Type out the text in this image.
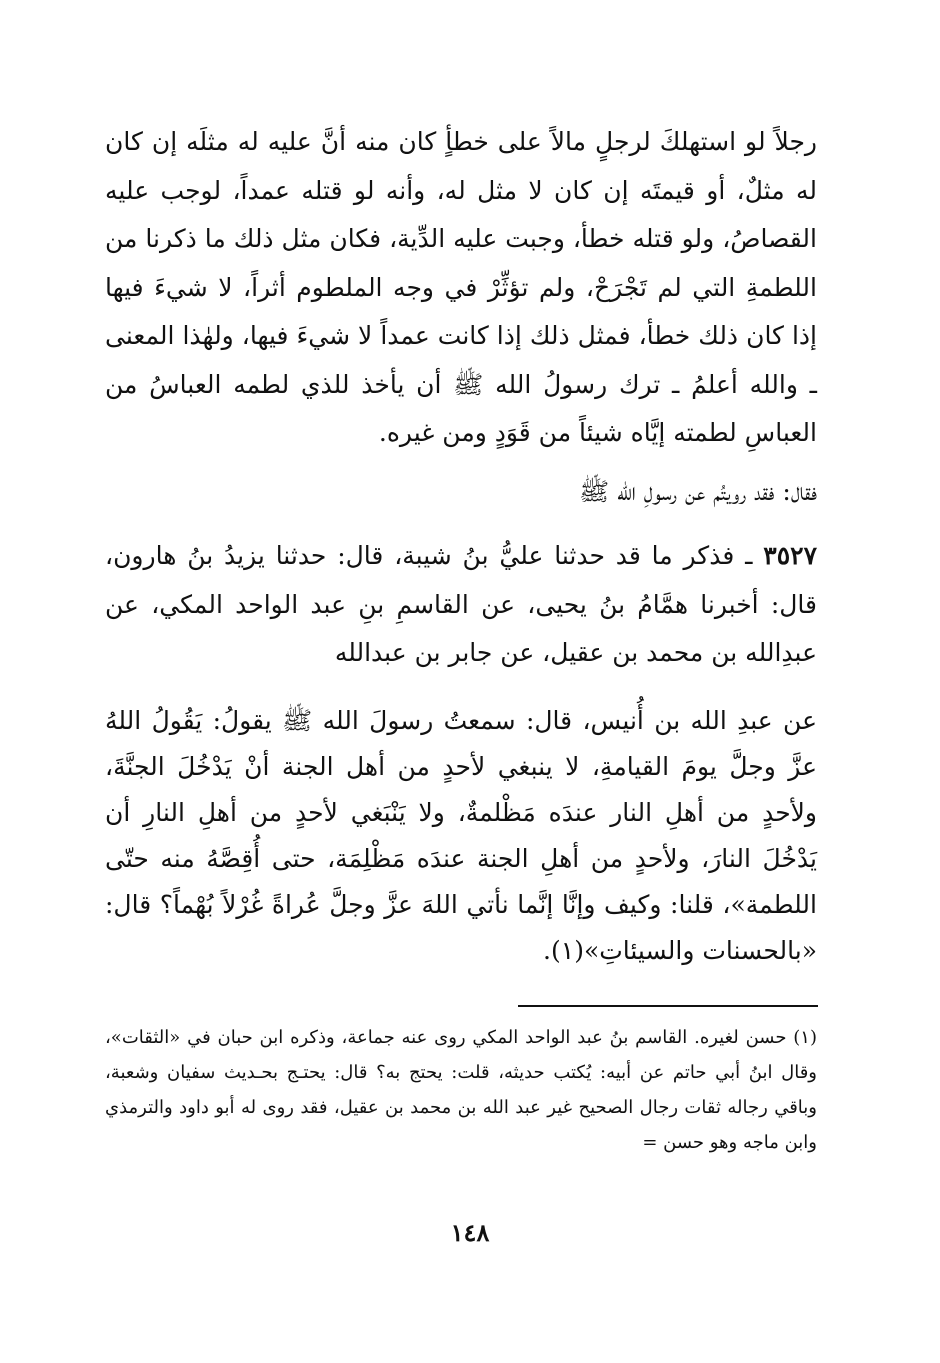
رجلاً لو استهلكَ لرجلٍ مالاً على خطأٍ كان منه أنَّ عليه له مثلَه إن كان له مثلٌ، أو قيمتَه إن كان لا مثل له، وأنه لو قتله عمداً، لوجب عليه القصاصُ، ولو قتله خطأ، وجبت عليه الدِّية، فكان مثل ذلك ما ذكرنا من اللطمةِ التي لم تَجْرَحْ، ولم تؤثِّرْ في وجه الملطوم أثراً، لا شيءَ فيها إذا كان ذلك خطأ، فمثل ذلك إذا كانت عمداً لا شيءَ فيها، ولهٰذا المعنى ـ والله أعلمُ ـ ترك رسولُ الله ﷺ أن يأخذ للذي لطمه العباسُ من العباسِ لطمته إيَّاه شيئاً من قَوَدٍ ومن غيره.

فقال: فقد رويتُم عن رسولِ الله ﷺ

٣٥٢٧ ـ فذكر ما قد حدثنا عليُّ بنُ شيبة، قال: حدثنا يزيدُ بنُ هارون، قال: أخبرنا همَّامُ بنُ يحيى، عن القاسمِ بنِ عبد الواحد المكي، عن عبدِالله بن محمد بن عقيل، عن جابر بن عبدالله

عن عبدِ الله بن أُنيس، قال: سمعتُ رسولَ الله ﷺ يقولُ: يَقُولُ اللهُ عزَّ وجلَّ يومَ القيامةِ، لا ينبغي لأحدٍ من أهل الجنة أنْ يَدْخُلَ الجنَّةَ، ولأحدٍ من أهلِ النار عندَه مَظْلمةٌ، ولا يَنْبَغي لأحدٍ من أهلِ النارِ أن يَدْخُلَ النارَ، ولأحدٍ من أهلِ الجنة عندَه مَظْلِمَة، حتى أُقِصَّهُ منه حتّى اللطمة»، قلنا: وكيف وإنَّا إنَّما نأتي اللهَ عزَّ وجلَّ عُراةً غُرْلاً بُهْماً؟ قال: «بالحسنات والسيئاتِ»(١).

(١) حسن لغيره. القاسم بنُ عبد الواحد المكي روى عنه جماعة، وذكره ابن حبان في «الثقات»، وقال ابنُ أبي حاتم عن أبيه: يُكتب حديثه، قلت: يحتج به؟ قال: يحتـج بحـديث سفيان وشعبة، وباقي رجاله ثقات رجال الصحيح غير عبد الله بن محمد بن عقيل، فقد روى له أبو داود والترمذي وابن ماجه وهو حسن =

١٤٨
